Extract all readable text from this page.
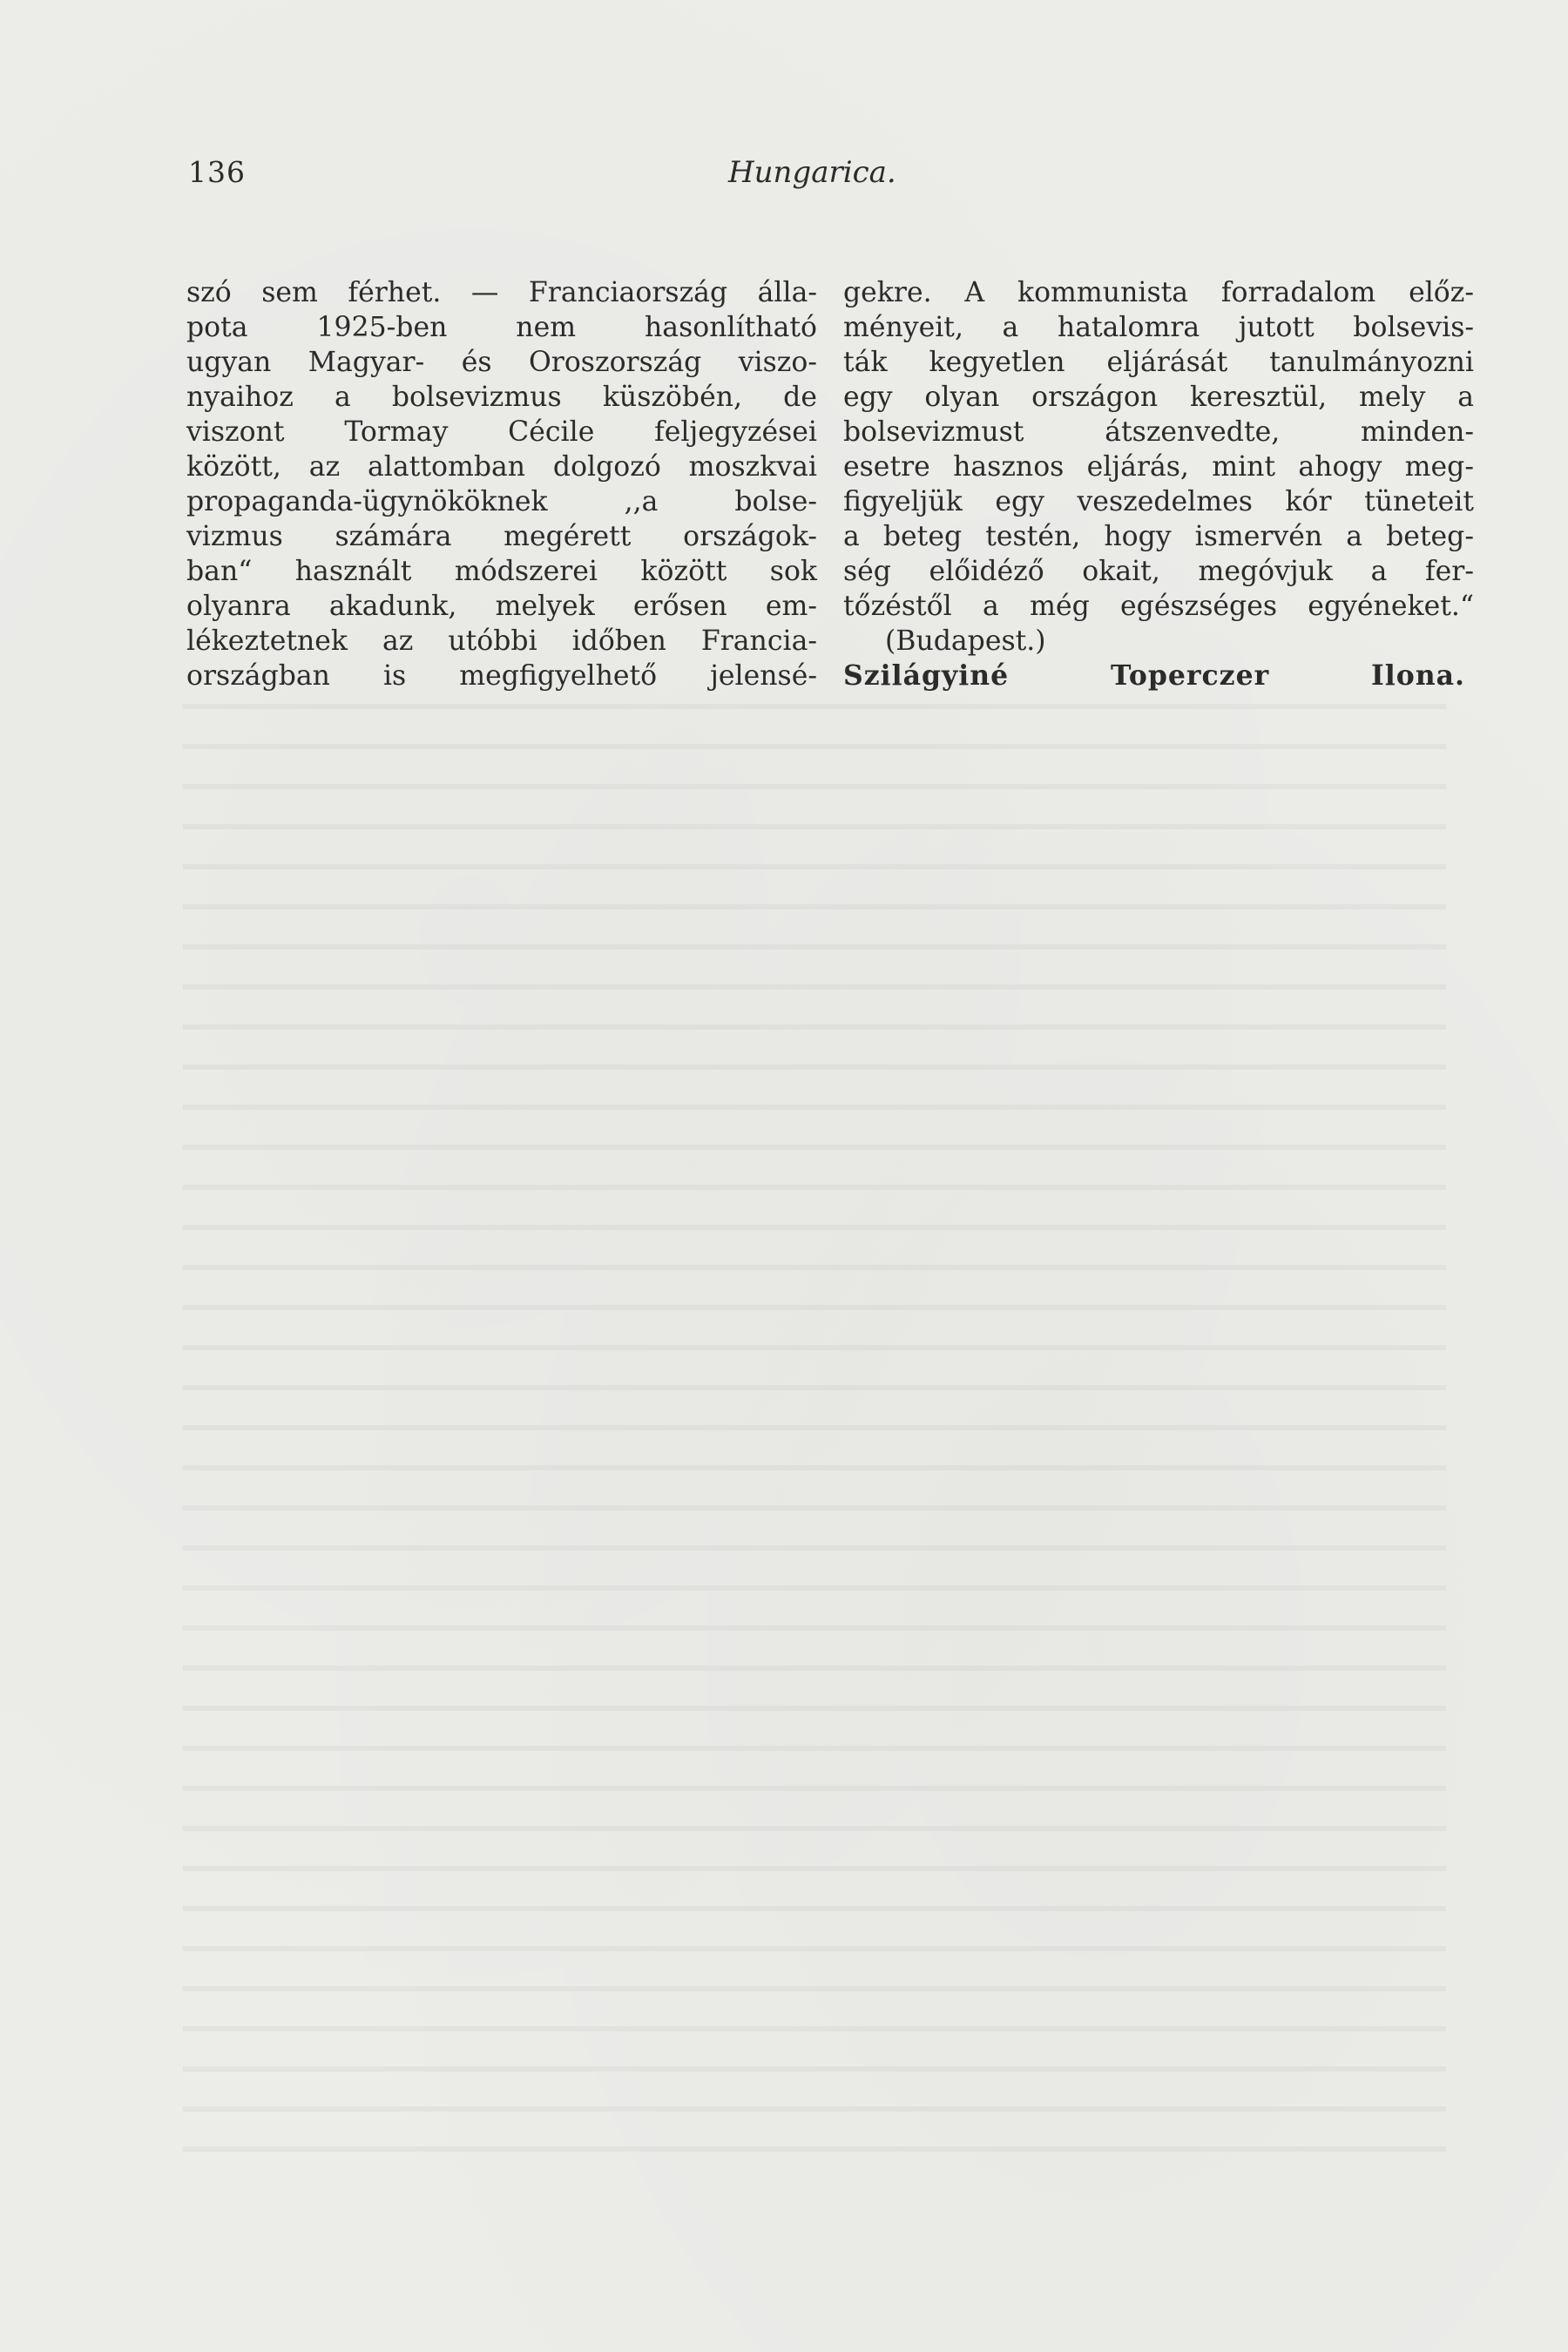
136	Hungarica.
szó sem férhet. — Franciaország álla-
pota 1925-ben nem hasonlítható
ugyan Magyar- és Oroszország viszo-
nyaihoz a bolsevizmus küszöbén, de
viszont Tormay Cécile feljegyzései
között, az alattomban dolgozó moszkvai
propaganda-ügynököknek ,,a bolse-
vizmus számára megérett országok-
ban“ használt módszerei között sok
olyanra akadunk, melyek erősen em-
lékeztetnek az utóbbi időben Francia-
országban is megfigyelhető jelensé-
gekre. A kommunista forradalom előz-
ményeit, a hatalomra jutott bolsevis-
ták kegyetlen eljárását tanulmányozni
egy olyan országon keresztül, mely a
bolsevizmust átszenvedte, minden-
esetre hasznos eljárás, mint ahogy meg-
figyeljük egy veszedelmes kór tüneteit
a beteg testén, hogy ismervén a beteg-
ség előidéző okait, megóvjuk a fer-
tőzéstől a még egészséges egyéneket.“
(Budapest.)
Szilágyiné Toperczer Ilona.
